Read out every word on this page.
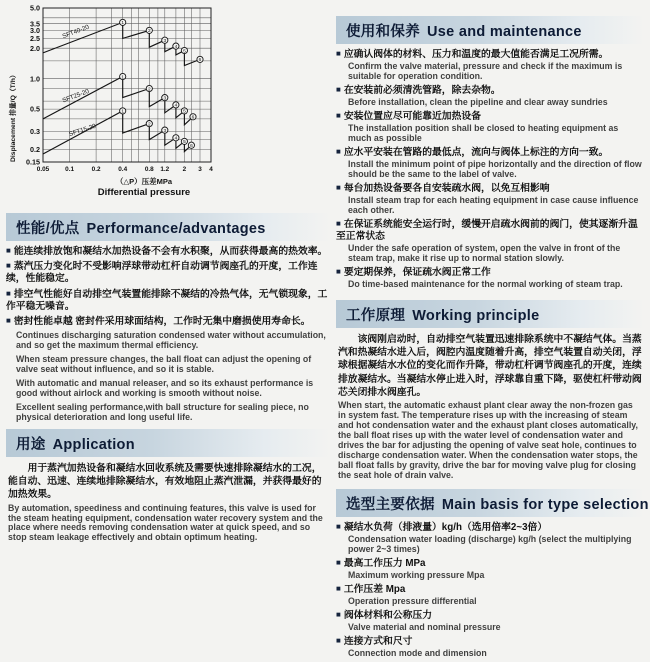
5.0
3.5
3.0
2.5
2.0
1.0
0.5
0.3
0.2
0.15
0.05 0.1	0.2	0.4	0.8 1.2 2 3 4
SFT40-20	1
2
3
4
5
6
SFT25-20
1
2
3
4
5
6
SFT15-20
1
2
3
4
5
6
Displacement 排量/Q（T/h）
（△P）压差MPa
Differential pressure
性能/优点 Performance/advantages
■ 能连续排放饱和凝结水加热设备不会有水积聚，从而获得最高的热效率。
■ 蒸汽压力变化时不受影响浮球带动杠杆自动调节阀座孔的开度，工作连续，性能稳定。
■ 排空气性能好自动排空气装置能排除不凝结的冷热气体，无气锁现象，工作平稳无噪音。
■ 密封性能卓越 密封件采用球面结构，工作时无集中磨损使用寿命长。
Continues discharging saturation condensed water without accumulation, and so get the maximum thermal efficiency.
When steam pressure changes, the ball float can adjust the opening of valve seat without influence, and so it is stable.
With automatic and manual releaser, and so its exhaust performance is good without airlock and working is smooth without noise.
Excellent sealing performance,with ball structure for sealing piece, no physical deterioration and long useful life.
用途 Application
用于蒸汽加热设备和凝结水回收系统及需要快速排除凝结水的工况，能自动、迅速、连续地排除凝结水，有效地阻止蒸汽泄漏，并获得最好的加热效果。
By automation, speediness and continuing features, this valve is used for the steam heating equipment, condensation water recovery system and the place where needs removing condensation water at quick speed, and so stop steam leakage effectively and obtain optimum heating.
使用和保养 Use and maintenance
■ 应确认阀体的材料、压力和温度的最大值能否满足工况所需。
Confirm the valve material, pressure and check if the maximum is suitable for operation condition.
■ 在安装前必须清洗管路，除去杂物。
Before installation, clean the pipeline and clear away sundries
■ 安装位置应尽可能靠近加热设备
The installation position shall be closed to heating equipment as much as possible
■ 应水平安装在管路的最低点，流向与阀体上标注的方向一致。
Install the minimum point of pipe horizontally and the direction of flow should be the same to the label of valve.
■ 每台加热设备要各自安装疏水阀，以免互相影响
Install steam trap for each heating equipment in case cause influence each other.
■ 在保证系统能安全运行时，缓慢开启疏水阀前的阀门，使其逐渐升温至正常状态
Under the safe operation of system, open the valve in front of the steam trap, make it rise up to normal station slowly.
■ 要定期保养，保证疏水阀正常工作
Do time-based maintenance for the normal working of steam trap.
工作原理 Working principle
该阀刚启动时，自动排空气装置迅速排除系统中不凝结气体。当蒸汽和热凝结水进入后，阀腔内温度随着升高，排空气装置自动关闭，浮球根据凝结水水位的变化而作升降，带动杠杆调节阀座孔的开度，连续排放凝结水。当凝结水停止进入时，浮球靠自重下降，驱使杠杆带动阀芯关闭排水阀座孔。
When start, the automatic exhaust plant clear away the non-frozen gas in system fast. The temperature rises up with the increasing of steam and hot condensation water and the exhaust plant closes automatically, the ball float rises up with the water level of condensation water and drives the bar for adjusting the opening of valve seat hole, continues to discharge condensation water. When the condensation water stops, the ball float falls by gravity, drive the bar for moving valve plug for closing the seat hole of drain valve.
选型主要依据 Main basis for type selection
■ 凝结水负荷（排液量）kg/h（选用倍率2~3倍）
Condensation water loading (discharge) kg/h (select the multiplying power 2~3 times)
■ 最高工作压力 MPa
Maximum working pressure Mpa
■ 工作压差 Mpa
Operation pressure differential
■ 阀体材料和公称压力
Valve material and nominal pressure
■ 连接方式和尺寸
Connection mode and dimension
